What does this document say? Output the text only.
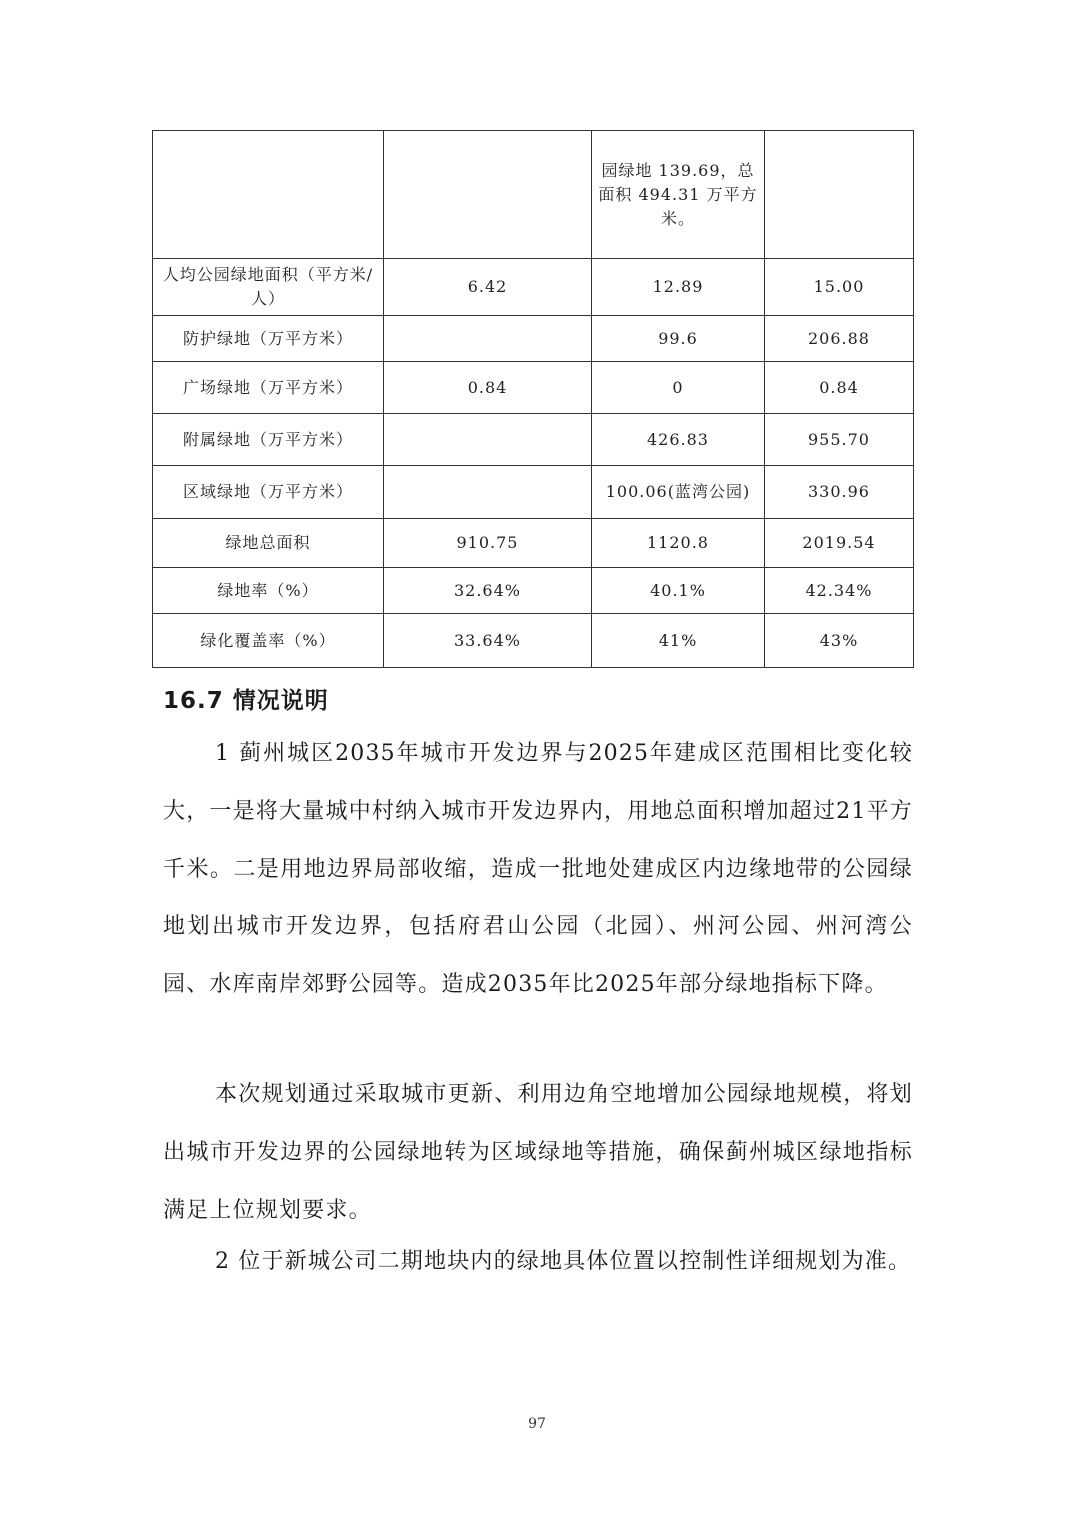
		园绿地 139.69，总面积 494.31 万平方米。	
人均公园绿地面积（平方米/人）	6.42	12.89	15.00
防护绿地（万平方米）		99.6	206.88
广场绿地（万平方米）	0.84	0	0.84
附属绿地（万平方米）		426.83	955.70
区域绿地（万平方米）		100.06(蓝湾公园)	330.96
绿地总面积	910.75	1120.8	2019.54
绿地率（%）	32.64%	40.1%	42.34%
绿化覆盖率（%）	33.64%	41%	43%
16.7 情况说明

1 蓟州城区2035年城市开发边界与2025年建成区范围相比变化较大，一是将大量城中村纳入城市开发边界内，用地总面积增加超过21平方千米。二是用地边界局部收缩，造成一批地处建成区内边缘地带的公园绿地划出城市开发边界，包括府君山公园（北园）、州河公园、州河湾公园、水库南岸郊野公园等。造成2035年比2025年部分绿地指标下降。

本次规划通过采取城市更新、利用边角空地增加公园绿地规模，将划出城市开发边界的公园绿地转为区域绿地等措施，确保蓟州城区绿地指标满足上位规划要求。

2 位于新城公司二期地块内的绿地具体位置以控制性详细规划为准。

97
